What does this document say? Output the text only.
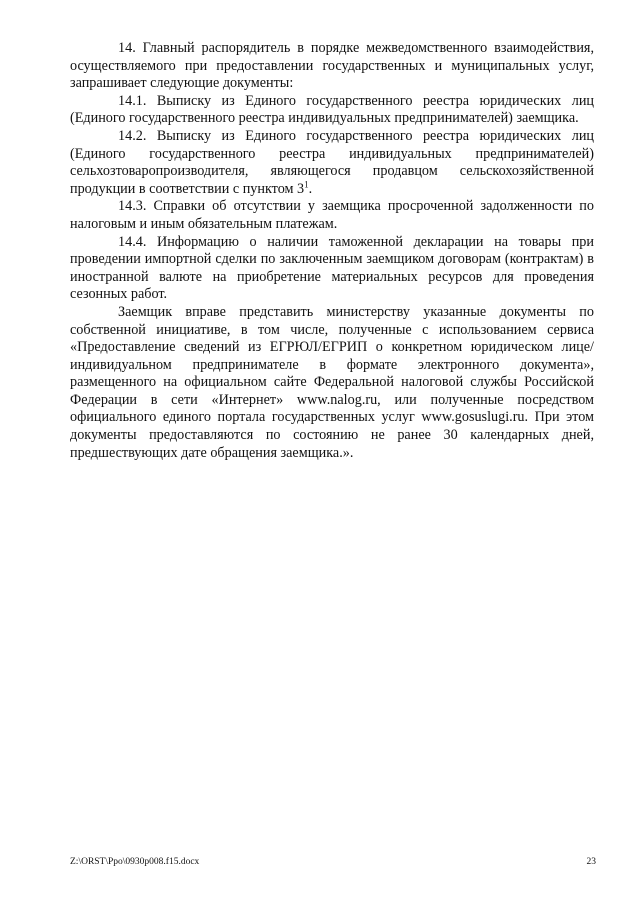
14. Главный распорядитель в порядке межведомственного взаимодействия, осуществляемого при предоставлении государственных и муниципальных услуг, запрашивает следующие документы:

14.1. Выписку из Единого государственного реестра юридических лиц (Единого государственного реестра индивидуальных предпринимателей) заемщика.

14.2. Выписку из Единого государственного реестра юридических лиц (Единого государственного реестра индивидуальных предпринимателей) сельхозтоваропроизводителя, являющегося продавцом сельскохозяйственной продукции в соответствии с пунктом $3^1$.

14.3. Справки об отсутствии у заемщика просроченной задолженности по налоговым и иным обязательным платежам.

14.4. Информацию о наличии таможенной декларации на товары при проведении импортной сделки по заключенным заемщиком договорам (контрактам) в иностранной валюте на приобретение материальных ресурсов для проведения сезонных работ.

Заемщик вправе представить министерству указанные документы по собственной инициативе, в том числе, полученные с использованием сервиса «Предоставление сведений из ЕГРЮЛ/ЕГРИП о конкретном юридическом лице/индивидуальном предпринимателе в формате электронного документа», размещенного на официальном сайте Федеральной налоговой службы Российской Федерации в сети «Интернет» www.nalog.ru, или полученные посредством официального единого портала государственных услуг www.gosuslugi.ru. При этом документы предоставляются по состоянию не ранее 30 календарных дней, предшествующих дате обращения заемщика.».

Z:\ORST\Ppo\0930p008.f15.docx	23
